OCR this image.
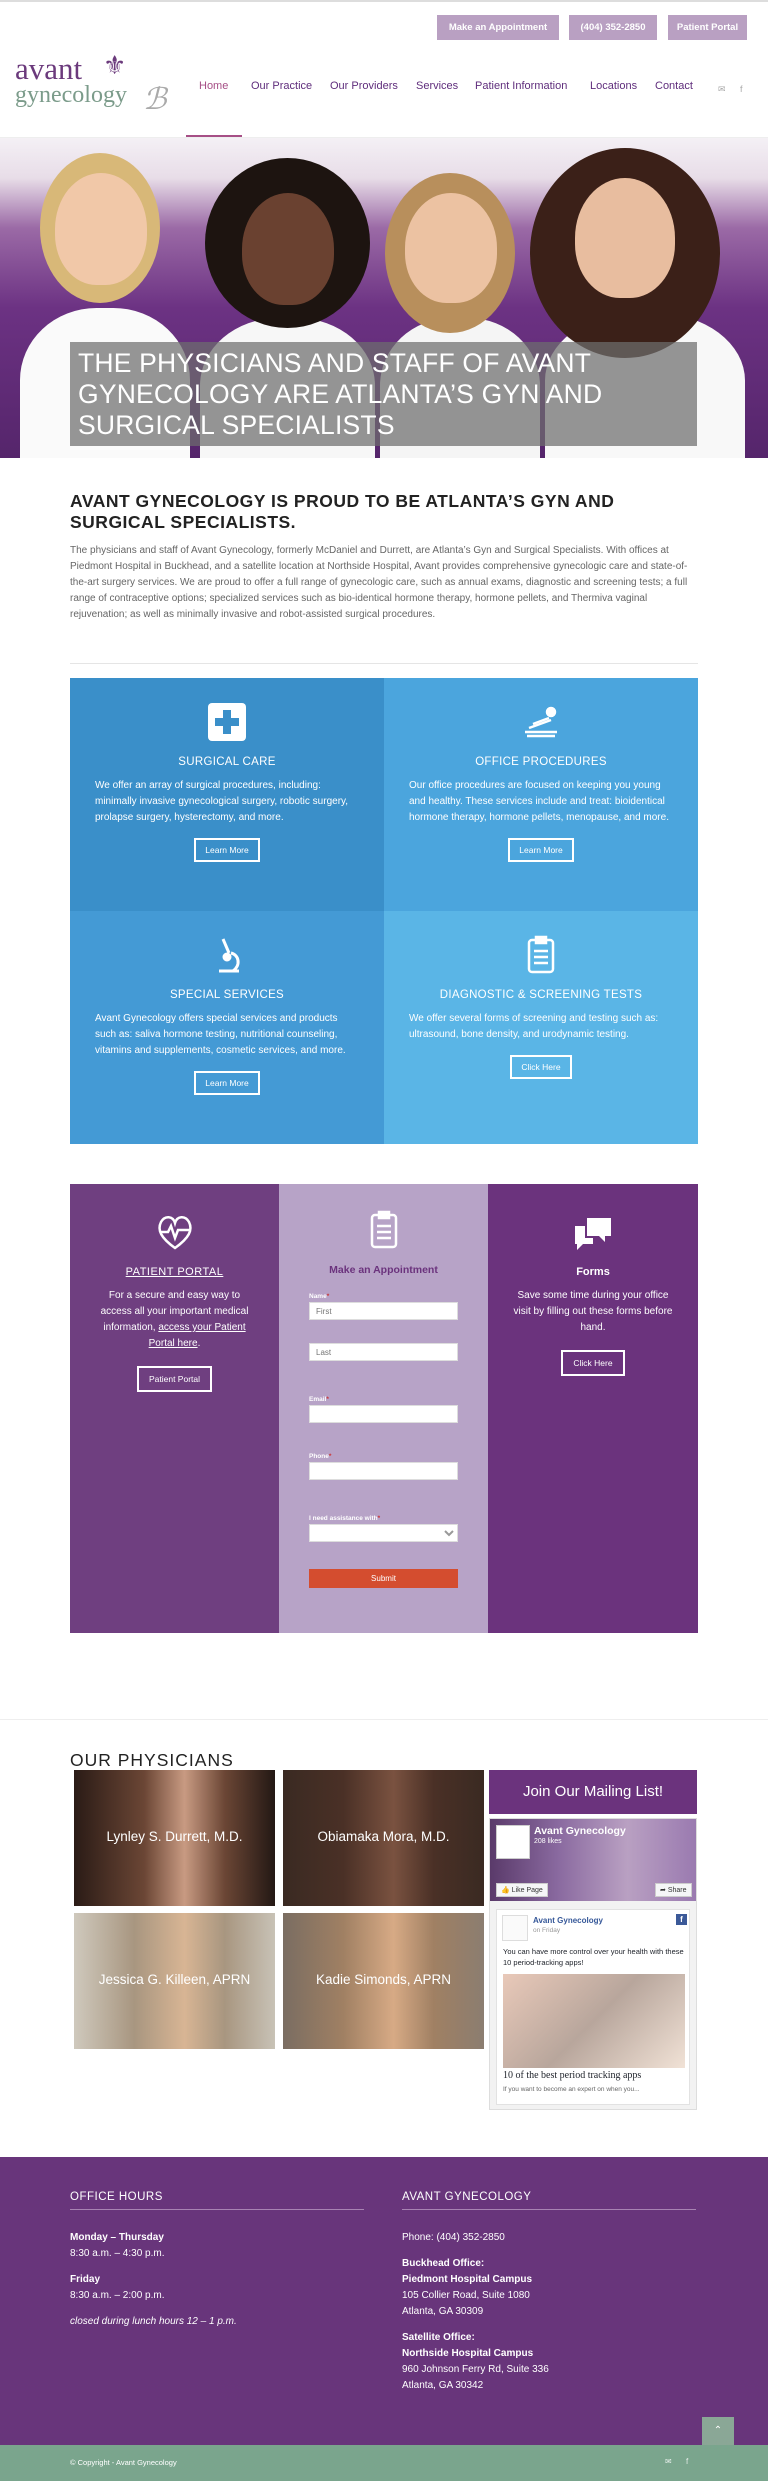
Make an Appointment	(404) 352-2850	Patient Portal
avant ⚜
gynecology ℬ	Home Our Practice Our Providers Services Patient Information Locations Contact	✉ f
THE PHYSICIANS AND STAFF OF AVANT GYNECOLOGY ARE ATLANTA’S GYN AND SURGICAL SPECIALISTS
AVANT GYNECOLOGY IS PROUD TO BE ATLANTA’S GYN AND SURGICAL SPECIALISTS.

The physicians and staff of Avant Gynecology, formerly McDaniel and Durrett, are Atlanta’s Gyn and Surgical Specialists. With offices at Piedmont Hospital in Buckhead, and a satellite location at Northside Hospital, Avant provides comprehensive gynecologic care and state-of-the-art surgery services. We are proud to offer a full range of gynecologic care, such as annual exams, diagnostic and screening tests; a full range of contraceptive options; specialized services such as bio-identical hormone therapy, hormone pellets, and Thermiva vaginal rejuvenation; as well as minimally invasive and robot-assisted surgical procedures.

SURGICAL CARE

We offer an array of surgical procedures, including: minimally invasive gynecological surgery, robotic surgery, prolapse surgery, hysterectomy, and more.

Learn More
OFFICE PROCEDURES

Our office procedures are focused on keeping you young and healthy. These services include and treat: bioidentical hormone therapy, hormone pellets, menopause, and more.

Learn More
SPECIAL SERVICES

Avant Gynecology offers special services and products such as: saliva hormone testing, nutritional counseling, vitamins and supplements, cosmetic services, and more.

Learn More
DIAGNOSTIC & SCREENING TESTS

We offer several forms of screening and testing such as: ultrasound, bone density, and urodynamic testing.

Click Here
PATIENT PORTAL

For a secure and easy way to access all your important medical information, access your Patient Portal here.

Patient Portal
Make an Appointment
Name*
First
Last
Email*
Phone*
I need assistance with*
Submit
Forms

Save some time during your office visit by filling out these forms before hand.

Click Here
OUR PHYSICIANS
Lynley S. Durrett, M.D.	Obiamaka Mora, M.D.
Jessica G. Killeen, APRN	Kadie Simonds, APRN
Join Our Mailing List!
Avant Gynecology
208 likes
👍 Like Page	➦ Share
Avant Gynecology
on Friday
f
You can have more control over your health with these 10 period-tracking apps!
10 of the best period tracking apps
If you want to become an expert on when you...
OFFICE HOURS
Monday – Thursday
8:30 a.m. – 4:30 p.m.
Friday
8:30 a.m. – 2:00 p.m.
closed during lunch hours 12 – 1 p.m.
AVANT GYNECOLOGY
Phone: (404) 352-2850
Buckhead Office:
Piedmont Hospital Campus
105 Collier Road, Suite 1080
Atlanta, GA 30309
Satellite Office:
Northside Hospital Campus
960 Johnson Ferry Rd, Suite 336
Atlanta, GA 30342
⌃
© Copyright - Avant Gynecology	✉ f
